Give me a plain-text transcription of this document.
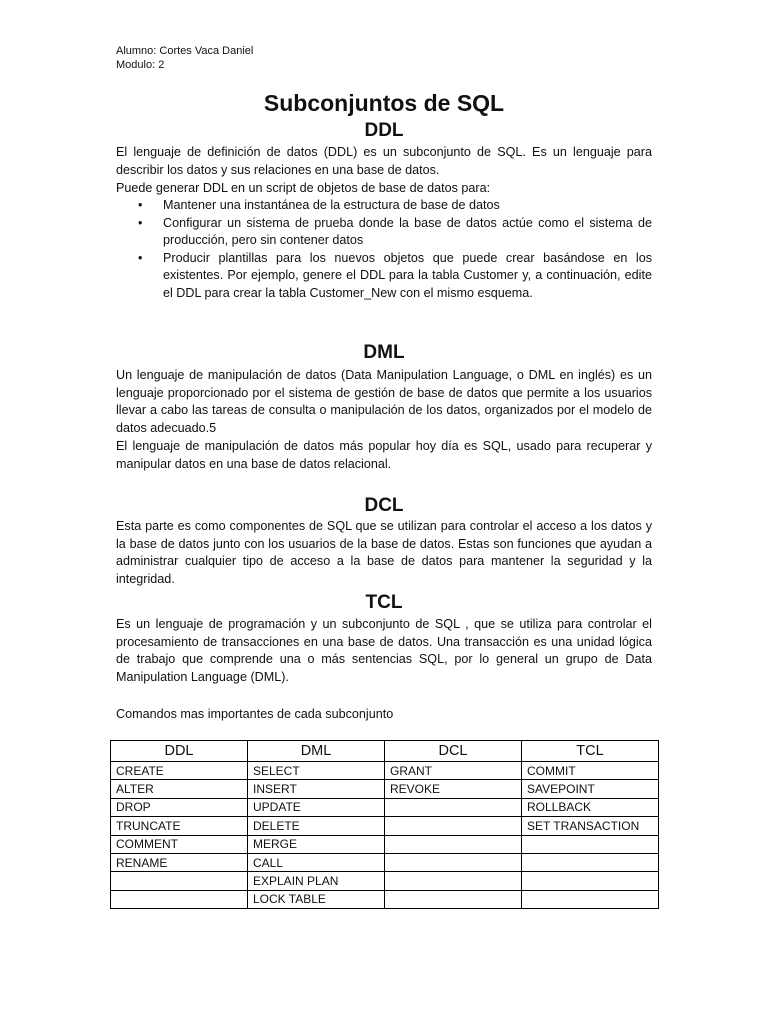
Alumno: Cortes Vaca Daniel
Modulo: 2
Subconjuntos de SQL
DDL
El lenguaje de definición de datos (DDL) es un subconjunto de SQL. Es un lenguaje para describir los datos y sus relaciones en una base de datos.
Puede generar DDL en un script de objetos de base de datos para:
• Mantener una instantánea de la estructura de base de datos
• Configurar un sistema de prueba donde la base de datos actúe como el sistema de producción, pero sin contener datos
• Producir plantillas para los nuevos objetos que puede crear basándose en los existentes. Por ejemplo, genere el DDL para la tabla Customer y, a continuación, edite el DDL para crear la tabla Customer_New con el mismo esquema.
DML
Un lenguaje de manipulación de datos (Data Manipulation Language, o DML en inglés) es un lenguaje proporcionado por el sistema de gestión de base de datos que permite a los usuarios llevar a cabo las tareas de consulta o manipulación de los datos, organizados por el modelo de datos adecuado.5
El lenguaje de manipulación de datos más popular hoy día es SQL, usado para recuperar y manipular datos en una base de datos relacional.
DCL
Esta parte es como componentes de SQL que se utilizan para controlar el acceso a los datos y la base de datos junto con los usuarios de la base de datos. Estas son funciones que ayudan a administrar cualquier tipo de acceso a la base de datos para mantener la seguridad y la integridad.
TCL
Es un lenguaje de programación y un subconjunto de SQL , que se utiliza para controlar el procesamiento de transacciones en una base de datos. Una transacción es una unidad lógica de trabajo que comprende una o más sentencias SQL, por lo general un grupo de Data Manipulation Language (DML).
Comandos mas importantes de cada subconjunto
DDL	DML	DCL	TCL
CREATE	SELECT	GRANT	COMMIT
ALTER	INSERT	REVOKE	SAVEPOINT
DROP	UPDATE		ROLLBACK
TRUNCATE	DELETE		SET TRANSACTION
COMMENT	MERGE		
RENAME	CALL		
	EXPLAIN PLAN		
	LOCK TABLE		
